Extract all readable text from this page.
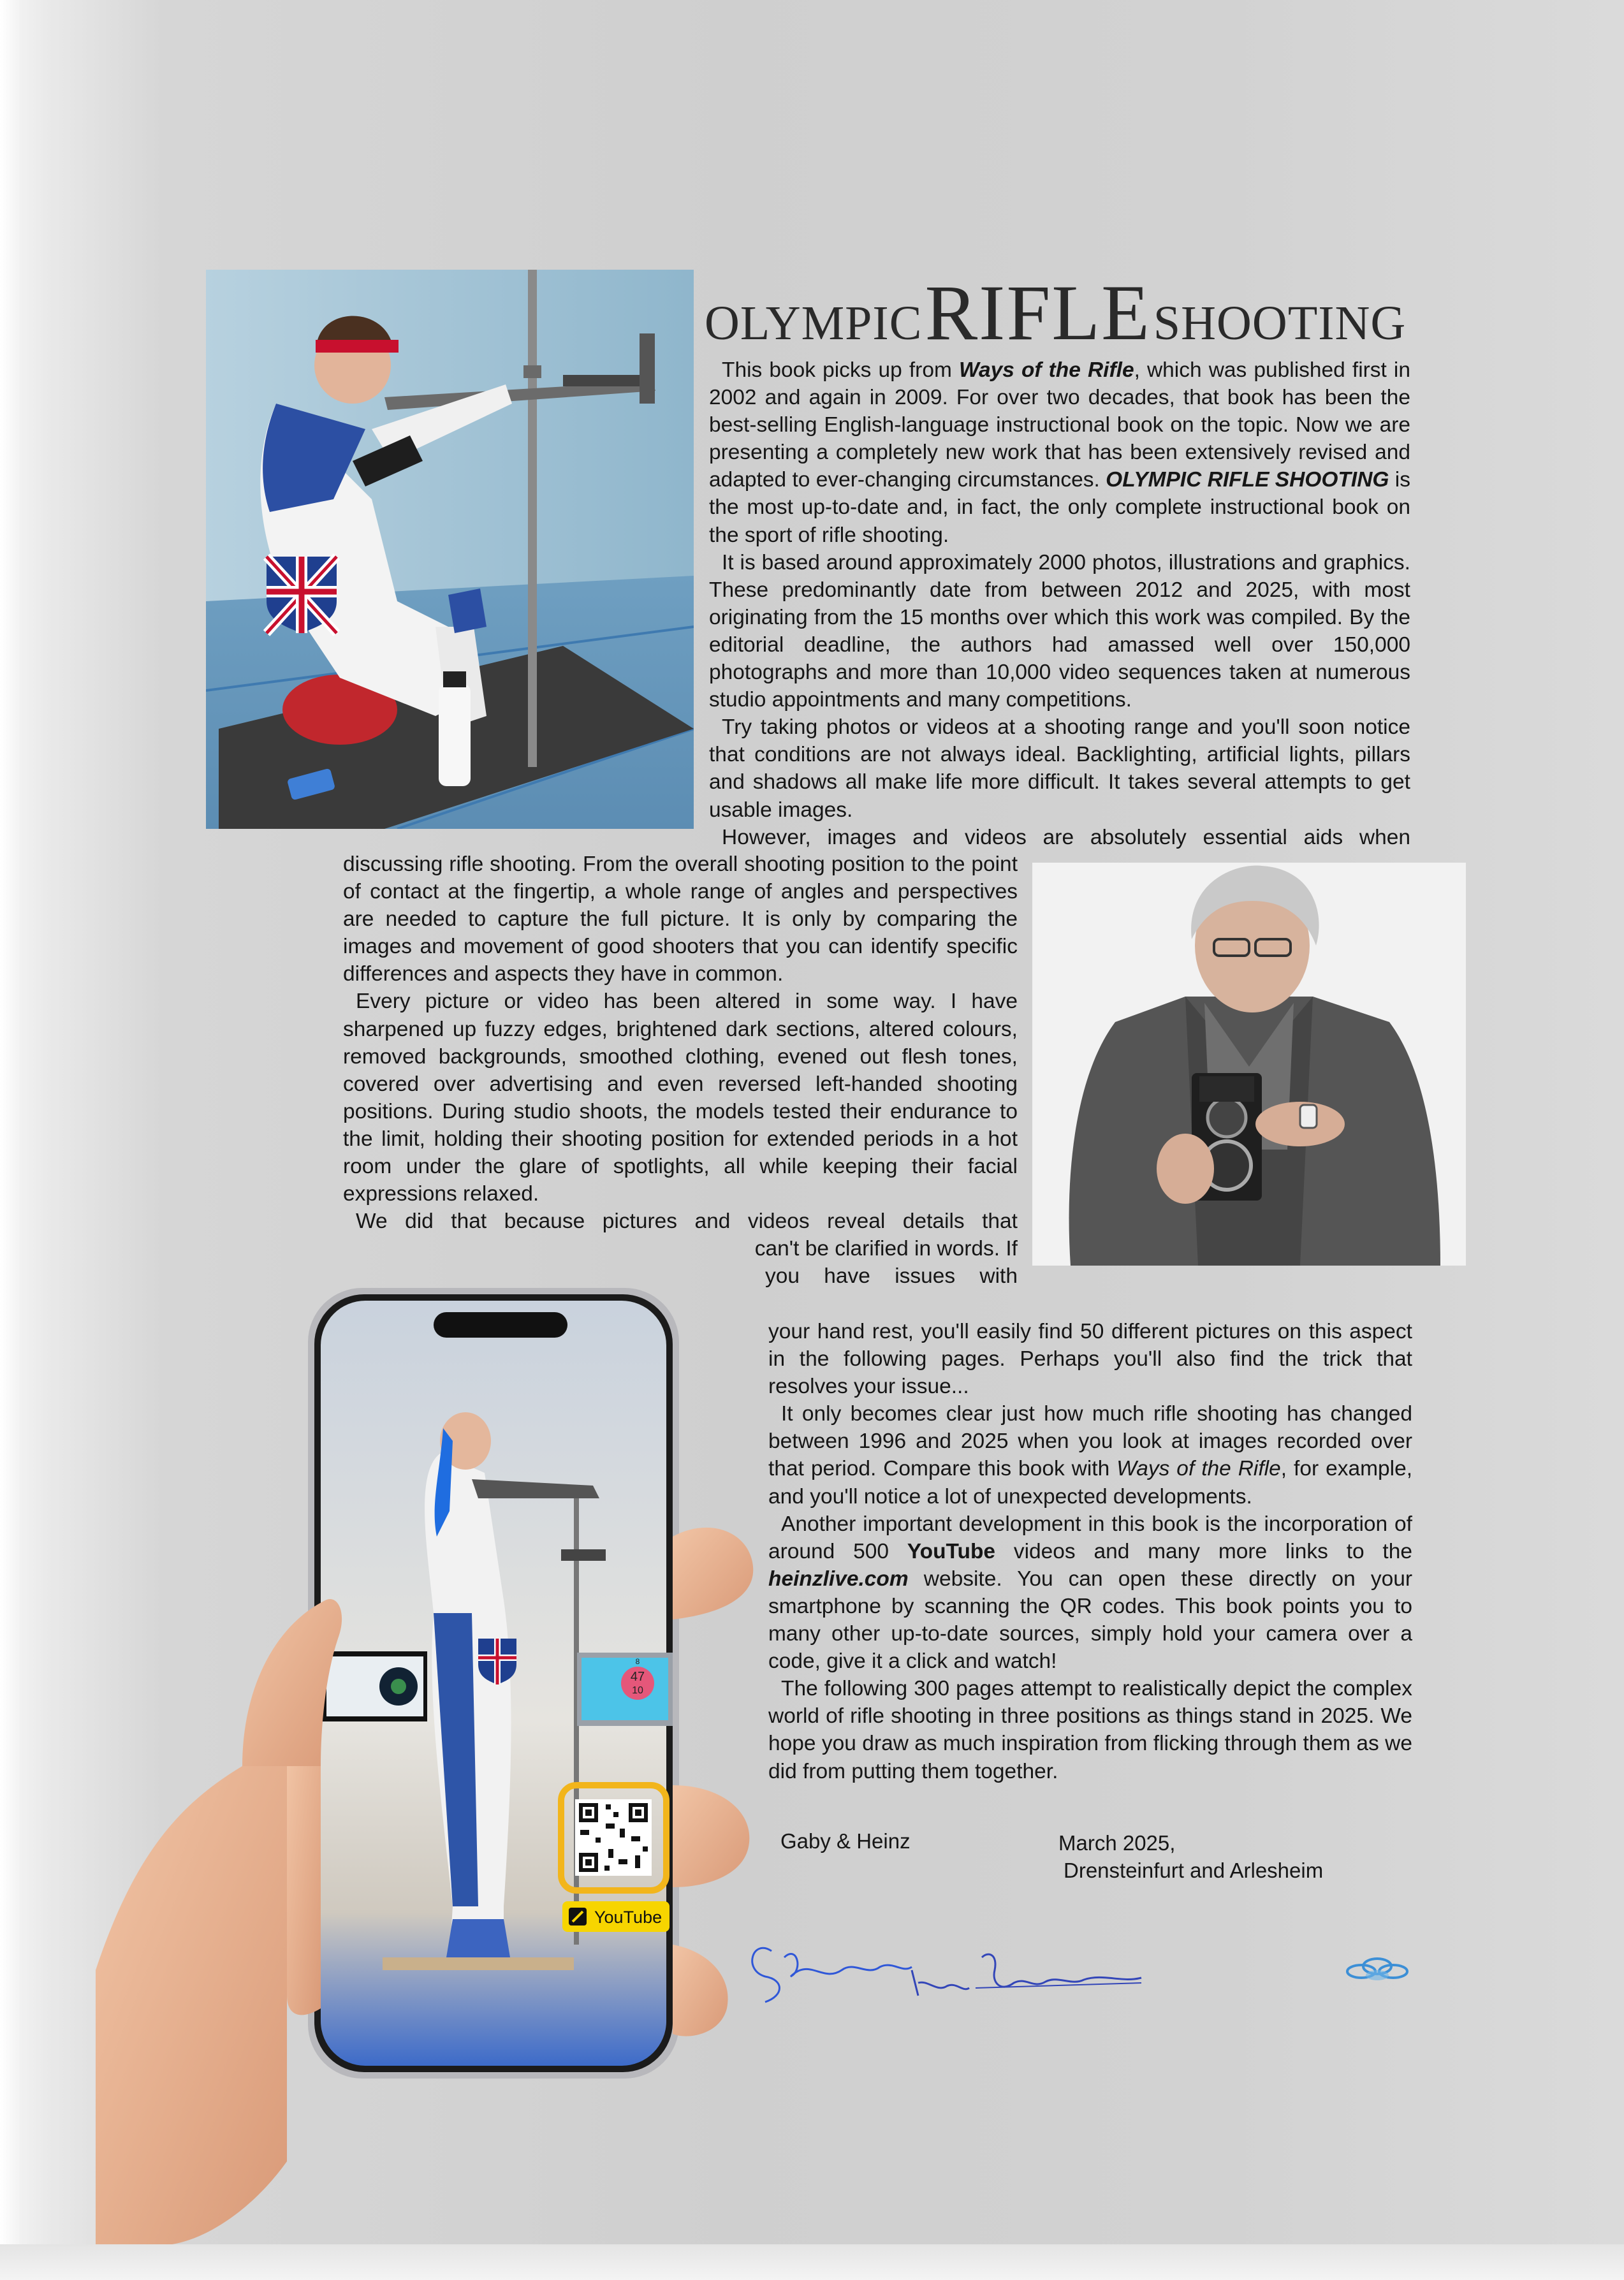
OLYMPIC RIFLE SHOOTING

This book picks up from Ways of the Rifle, which was published first in 2002 and again in 2009. For over two decades, that book has been the best-selling English-language instructional book on the topic. Now we are presenting a completely new work that has been extensively revised and adapted to ever-changing circumstances. OLYMPIC RIFLE SHOOTING is the most up-to-date and, in fact, the only complete instructional book on the sport of rifle shooting.

It is based around approximately 2000 photos, illustrations and graphics. These predominantly date from between 2012 and 2025, with most originating from the 15 months over which this work was compiled. By the editorial deadline, the authors had amassed well over 150,000 photographs and more than 10,000 video sequences taken at numerous studio appointments and many competitions.

Try taking photos or videos at a shooting range and you'll soon notice that conditions are not always ideal. Backlighting, artificial lights, pillars and shadows all make life more difficult. It takes several attempts to get usable images.

However, images and videos are absolutely essential aids when

discussing rifle shooting. From the overall shooting position to the point of contact at the fingertip, a whole range of angles and perspectives are needed to capture the full picture. It is only by comparing the images and movement of good shooters that you can identify specific differences and aspects they have in common.

Every picture or video has been altered in some way. I have sharpened up fuzzy edges, brightened dark sections, altered colours, removed backgrounds, smoothed clothing, evened out flesh tones, covered over advertising and even reversed left-handed shooting positions. During studio shoots, the models tested their endurance to the limit, holding their shooting position for extended periods in a hot room under the glare of spotlights, all while keeping their facial expressions relaxed.

We did that because pictures and videos reveal details that

can't be clarified in words. If
you have issues with

your hand rest, you'll easily find 50 different pictures on this aspect in the following pages. Perhaps you'll also find the trick that resolves your issue...

It only becomes clear just how much rifle shooting has changed between 1996 and 2025 when you look at images recorded over that period. Compare this book with Ways of the Rifle, for example, and you'll notice a lot of unexpected developments.

Another important development in this book is the incorporation of around 500 YouTube videos and many more links to the heinzlive.com website. You can open these directly on your smartphone by scanning the QR codes. This book points you to many other up-to-date sources, simply hold your camera over a code, give it a click and watch!

The following 300 pages attempt to realistically depict the complex world of rifle shooting in three positions as things stand in 2025. We hope you draw as much inspiration from flicking through them as we did from putting them together.

Gaby & Heinz	March 2025,
Drensteinfurt and Arlesheim
47
10
8
YouTube
